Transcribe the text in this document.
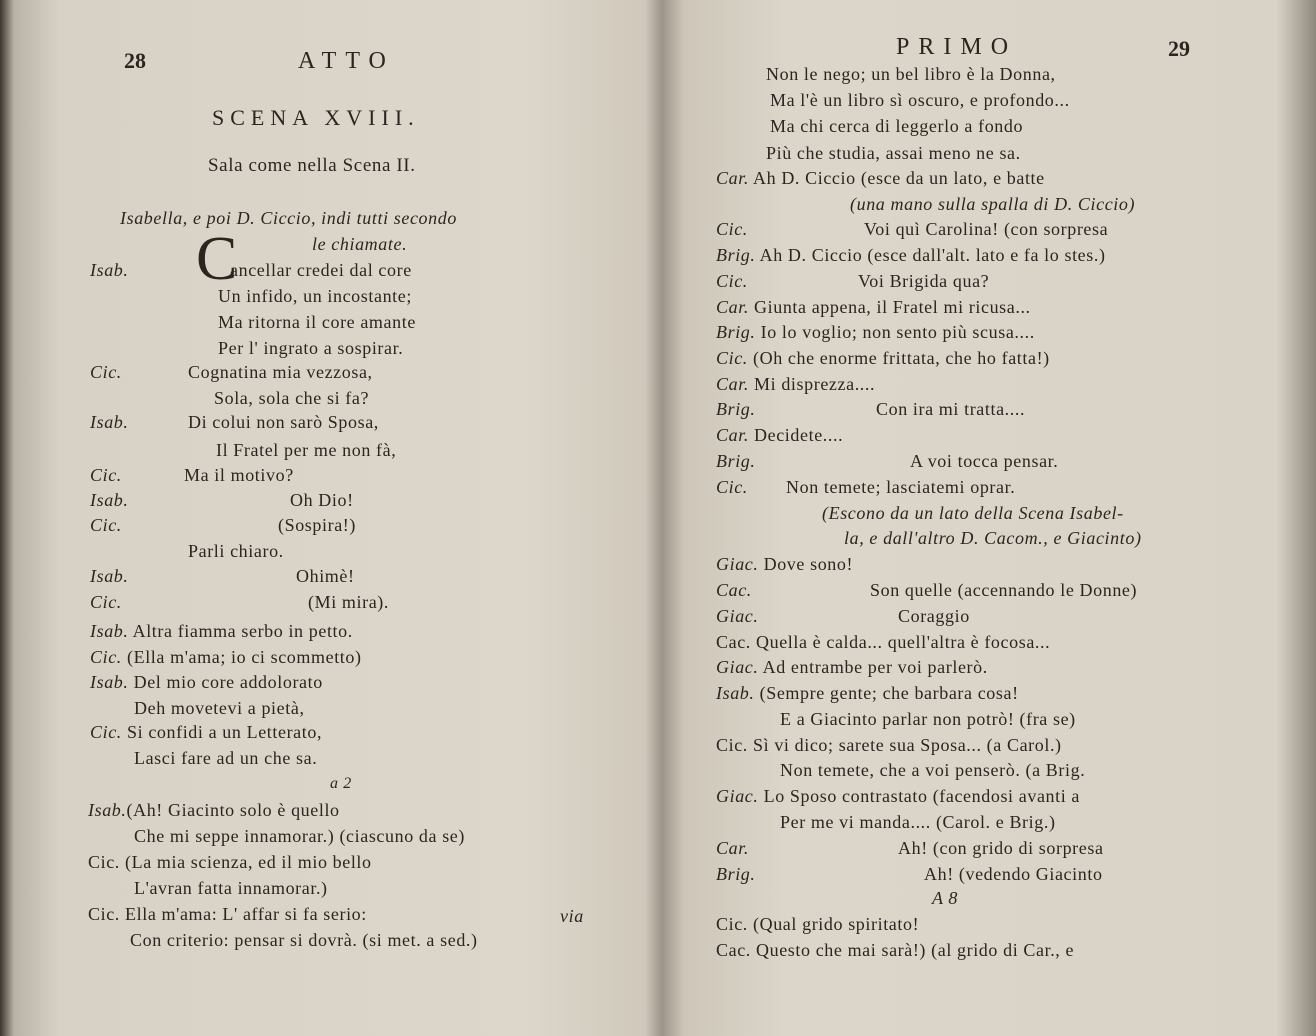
28	ATTO
SCENA XVIII.
Sala come nella Scena II.
Isabella, e poi D. Ciccio, indi tutti secondo
le chiamate.
C
Isab.	ancellar credei dal core
Un infido, un incostante;
Ma ritorna il core amante
Per l' ingrato a sospirar.
Cic.	Cognatina mia vezzosa,
Sola, sola che si fa?
Isab.	Di colui non sarò Sposa,
Il Fratel per me non fà,
Cic.	Ma il motivo?
Isab.	Oh Dio!
Cic.	(Sospira!)
Parli chiaro.
Isab.	Ohimè!
Cic.	(Mi mira).
Isab. Altra fiamma serbo in petto.
Cic. (Ella m'ama; io ci scommetto)
Isab. Del mio core addolorato
Deh movetevi a pietà,
Cic. Si confidi a un Letterato,
Lasci fare ad un che sa.
a 2
Isab.(Ah! Giacinto solo è quello
Che mi seppe innamorar.) (ciascuno da se)
Cic. (La mia scienza, ed il mio bello
L'avran fatta innamorar.)
Cic. Ella m'ama: L' affar si fa serio:	via
Con criterio: pensar si dovrà. (si met. a sed.)
PRIMO	29
Non le nego; un bel libro è la Donna,
Ma l'è un libro sì oscuro, e profondo...
Ma chi cerca di leggerlo a fondo
Più che studia, assai meno ne sa.
Car. Ah D. Ciccio (esce da un lato, e batte
(una mano sulla spalla di D. Ciccio)
Cic.	Voi quì Carolina! (con sorpresa
Brig. Ah D. Ciccio (esce dall'alt. lato e fa lo stes.)
Cic.	Voi Brigida qua?
Car. Giunta appena, il Fratel mi ricusa...
Brig. Io lo voglio; non sento più scusa....
Cic. (Oh che enorme frittata, che ho fatta!)
Car. Mi disprezza....
Brig.	Con ira mi tratta....
Car. Decidete....
Brig.	A voi tocca pensar.
Cic. Non temete; lasciatemi oprar.
(Escono da un lato della Scena Isabel-
la, e dall'altro D. Cacom., e Giacinto)
Giac. Dove sono!
Cac.	Son quelle (accennando le Donne)
Giac.	Coraggio
Cac. Quella è calda... quell'altra è focosa...
Giac. Ad entrambe per voi parlerò.
Isab. (Sempre gente; che barbara cosa!
E a Giacinto parlar non potrò! (fra se)
Cic. Sì vi dico; sarete sua Sposa... (a Carol.)
Non temete, che a voi penserò. (a Brig.
Giac. Lo Sposo contrastato (facendosi avanti a
Per me vi manda.... (Carol. e Brig.)
Car.	Ah! (con grido di sorpresa
Brig.	Ah! (vedendo Giacinto
A 8
Cic. (Qual grido spiritato!
Cac. Questo che mai sarà!) (al grido di Car., e
